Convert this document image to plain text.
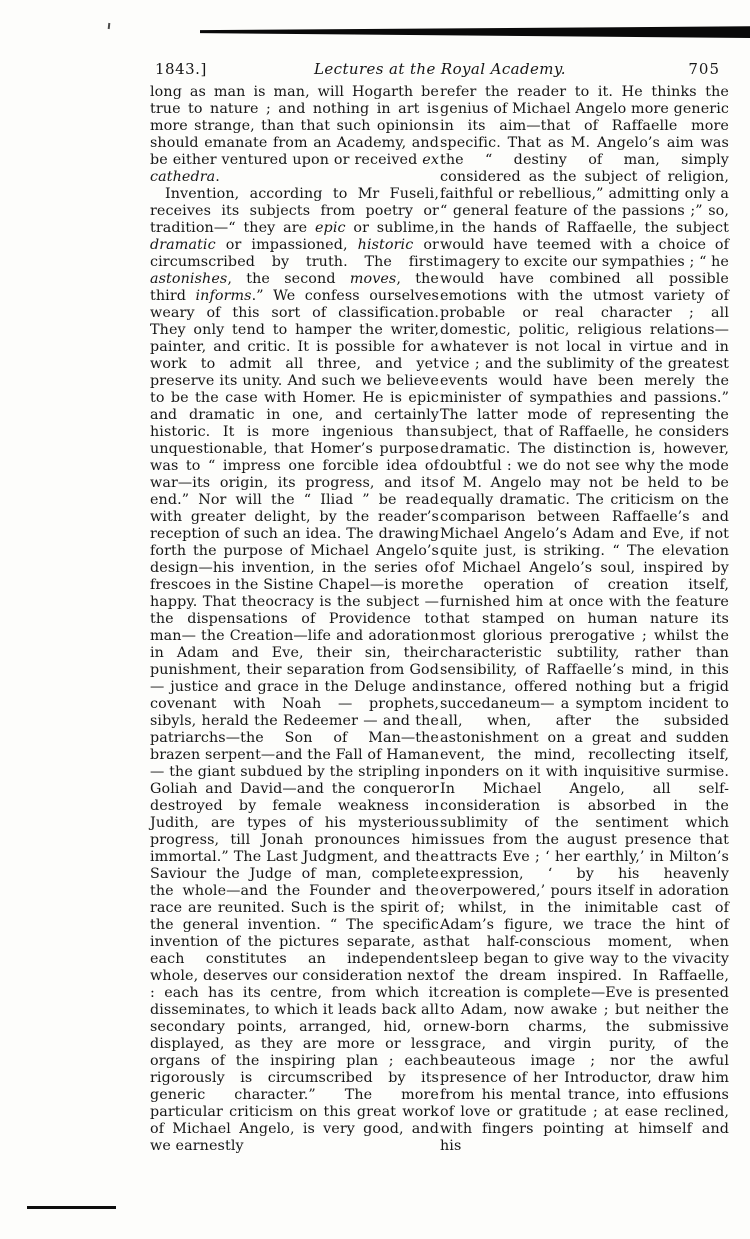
1843.]	Lectures at the Royal Academy.	705

long as man is man, will Hogarth be true to nature ; and nothing in art is more strange, than that such opinions should emanate from an Academy, and be either ventured upon or received ex cathedra.

Invention, according to Mr Fuseli, receives its subjects from poetry or tradition—“ they are epic or sublime, dramatic or impassioned, historic or circumscribed by truth. The first astonishes, the second moves, the third informs.” We confess ourselves weary of this sort of classification. They only tend to hamper the writer, painter, and critic. It is possible for a work to admit all three, and yet preserve its unity. And such we believe to be the case with Homer. He is epic and dramatic in one, and certainly historic. It is more ingenious than unquestionable, that Homer’s purpose was to “ impress one forcible idea of war—its origin, its progress, and its end.” Nor will the “ Iliad ” be read with greater delight, by the reader’s reception of such an idea. The drawing forth the purpose of Michael Angelo’s design—his invention, in the series of frescoes in the Sistine Chapel—is more happy. That theocracy is the subject — the dispensations of Providence to man— the Creation—life and adoration in Adam and Eve, their sin, their punishment, their separation from God— justice and grace in the Deluge and covenant with Noah — prophets, sibyls, herald the Redeemer — and the patriarchs—the Son of Man—the brazen serpent—and the Fall of Haman— the giant subdued by the stripling in Goliah and David—and the conqueror destroyed by female weakness in Judith, are types of his mysterious progress, till Jonah pronounces him immortal.” The Last Judgment, and the Saviour the Judge of man, complete the whole—and the Founder and the race are reunited. Such is the spirit of the general invention. “ The specific invention of the pictures separate, as each constitutes an independent whole, deserves our consideration next : each has its centre, from which it disseminates, to which it leads back all secondary points, arranged, hid, or displayed, as they are more or less organs of the inspiring plan ; each rigorously is circumscribed by its generic character.” The more particular criticism on this great work of Michael Angelo, is very good, and we earnestly

refer the reader to it. He thinks the genius of Michael Angelo more generic in its aim—that of Raffaelle more specific. That as M. Angelo’s aim was the “ destiny of man, simply considered as the subject of religion, faithful or rebellious,” admitting only a “ general feature of the passions ;” so, in the hands of Raffaelle, the subject would have teemed with a choice of imagery to excite our sympathies ; “ he would have combined all possible emotions with the utmost variety of probable or real character ; all domestic, politic, religious relations— whatever is not local in virtue and in vice ; and the sublimity of the greatest events would have been merely the minister of sympathies and passions.” The latter mode of representing the subject, that of Raffaelle, he considers dramatic. The distinction is, however, doubtful : we do not see why the mode of M. Angelo may not be held to be equally dramatic. The criticism on the comparison between Raffaelle’s and Michael Angelo’s Adam and Eve, if not quite just, is striking. “ The elevation of Michael Angelo’s soul, inspired by the operation of creation itself, furnished him at once with the feature that stamped on human nature its most glorious prerogative ; whilst the characteristic subtility, rather than sensibility, of Raffaelle’s mind, in this instance, offered nothing but a frigid succedaneum— a symptom incident to all, when, after the subsided astonishment on a great and sudden event, the mind, recollecting itself, ponders on it with inquisitive surmise. In Michael Angelo, all self-consideration is absorbed in the sublimity of the sentiment which issues from the august presence that attracts Eve ; ‘ her earthly,’ in Milton’s expression, ‘ by his heavenly overpowered,’ pours itself in adoration ; whilst, in the inimitable cast of Adam’s figure, we trace the hint of that half-conscious moment, when sleep began to give way to the vivacity of the dream inspired. In Raffaelle, creation is complete—Eve is presented to Adam, now awake ; but neither the new-born charms, the submissive grace, and virgin purity, of the beauteous image ; nor the awful presence of her Introductor, draw him from his mental trance, into effusions of love or gratitude ; at ease reclined, with fingers pointing at himself and his
